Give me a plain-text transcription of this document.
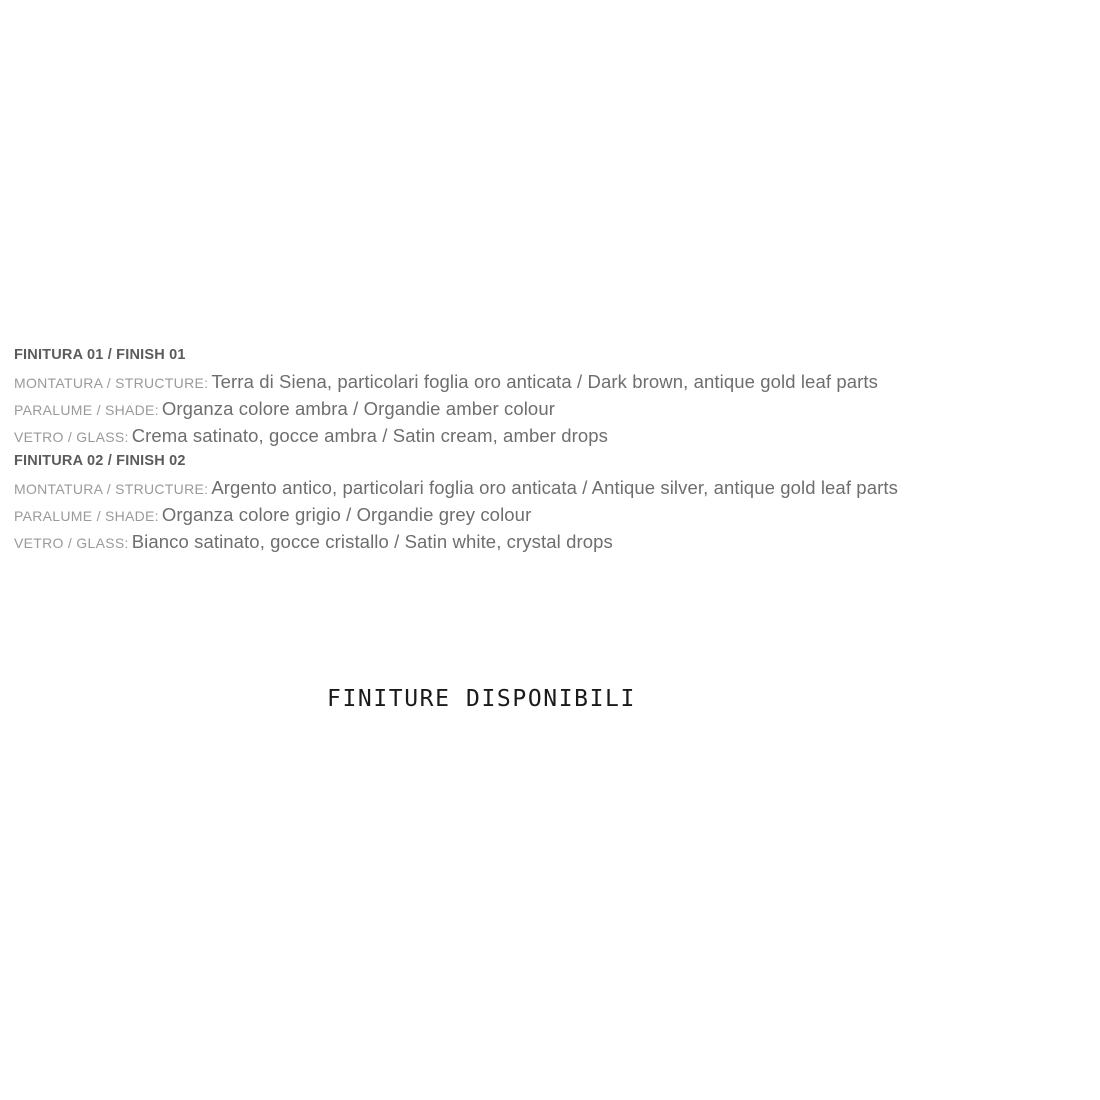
FINITURA 01 / FINISH 01
MONTATURA / STRUCTURE: Terra di Siena, particolari foglia oro anticata / Dark brown, antique gold leaf parts
PARALUME / SHADE: Organza colore ambra / Organdie amber colour
VETRO / GLASS: Crema satinato, gocce ambra / Satin cream, amber drops
FINITURA 02 / FINISH 02
MONTATURA / STRUCTURE: Argento antico, particolari foglia oro anticata / Antique silver, antique gold leaf parts
PARALUME / SHADE: Organza colore grigio / Organdie grey colour
VETRO / GLASS: Bianco satinato, gocce cristallo / Satin white, crystal drops
FINITURE DISPONIBILI
